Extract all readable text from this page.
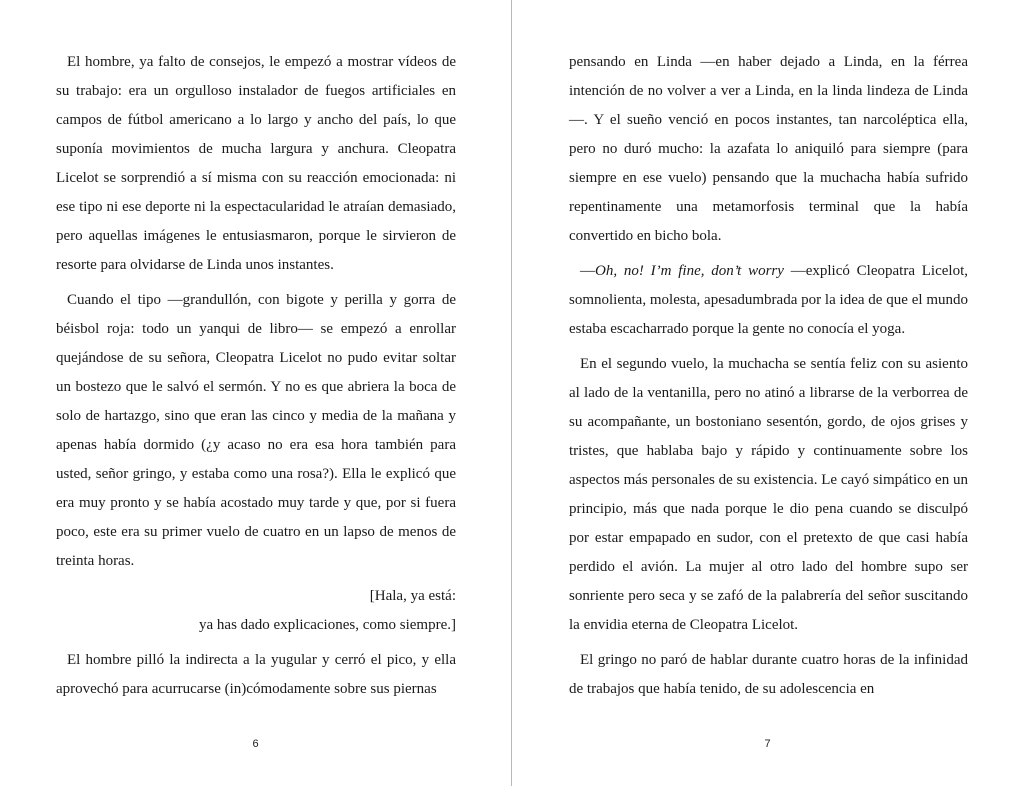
El hombre, ya falto de consejos, le empezó a mostrar vídeos de su trabajo: era un orgulloso instalador de fuegos artificiales en campos de fútbol americano a lo largo y ancho del país, lo que suponía movimientos de mucha largura y anchura. Cleopatra Licelot se sorprendió a sí misma con su reacción emocionada: ni ese tipo ni ese deporte ni la espectacularidad le atraían demasiado, pero aquellas imágenes le entusiasmaron, porque le sirvieron de resorte para olvidarse de Linda unos instantes.

Cuando el tipo —grandullón, con bigote y perilla y gorra de béisbol roja: todo un yanqui de libro— se empezó a enrollar quejándose de su señora, Cleopatra Licelot no pudo evitar soltar un bostezo que le salvó el sermón. Y no es que abriera la boca de solo de hartazgo, sino que eran las cinco y media de la mañana y apenas había dormido (¿y acaso no era esa hora también para usted, señor gringo, y estaba como una rosa?). Ella le explicó que era muy pronto y se había acostado muy tarde y que, por si fuera poco, este era su primer vuelo de cuatro en un lapso de menos de treinta horas.

[Hala, ya está:
ya has dado explicaciones, como siempre.]

El hombre pilló la indirecta a la yugular y cerró el pico, y ella aprovechó para acurrucarse (in)cómodamente sobre sus piernas

6

pensando en Linda —en haber dejado a Linda, en la férrea intención de no volver a ver a Linda, en la linda lindeza de Linda—. Y el sueño venció en pocos instantes, tan narcoléptica ella, pero no duró mucho: la azafata lo aniquiló para siempre (para siempre en ese vuelo) pensando que la muchacha había sufrido repentinamente una metamorfosis terminal que la había convertido en bicho bola.

—Oh, no! I’m fine, don’t worry —explicó Cleopatra Licelot, somnolienta, molesta, apesadumbrada por la idea de que el mundo estaba escacharrado porque la gente no conocía el yoga.

En el segundo vuelo, la muchacha se sentía feliz con su asiento al lado de la ventanilla, pero no atinó a librarse de la verborrea de su acompañante, un bostoniano sesentón, gordo, de ojos grises y tristes, que hablaba bajo y rápido y continuamente sobre los aspectos más personales de su existencia. Le cayó simpático en un principio, más que nada porque le dio pena cuando se disculpó por estar empapado en sudor, con el pretexto de que casi había perdido el avión. La mujer al otro lado del hombre supo ser sonriente pero seca y se zafó de la palabrería del señor suscitando la envidia eterna de Cleopatra Licelot.

El gringo no paró de hablar durante cuatro horas de la infinidad de trabajos que había tenido, de su adolescencia en

7
